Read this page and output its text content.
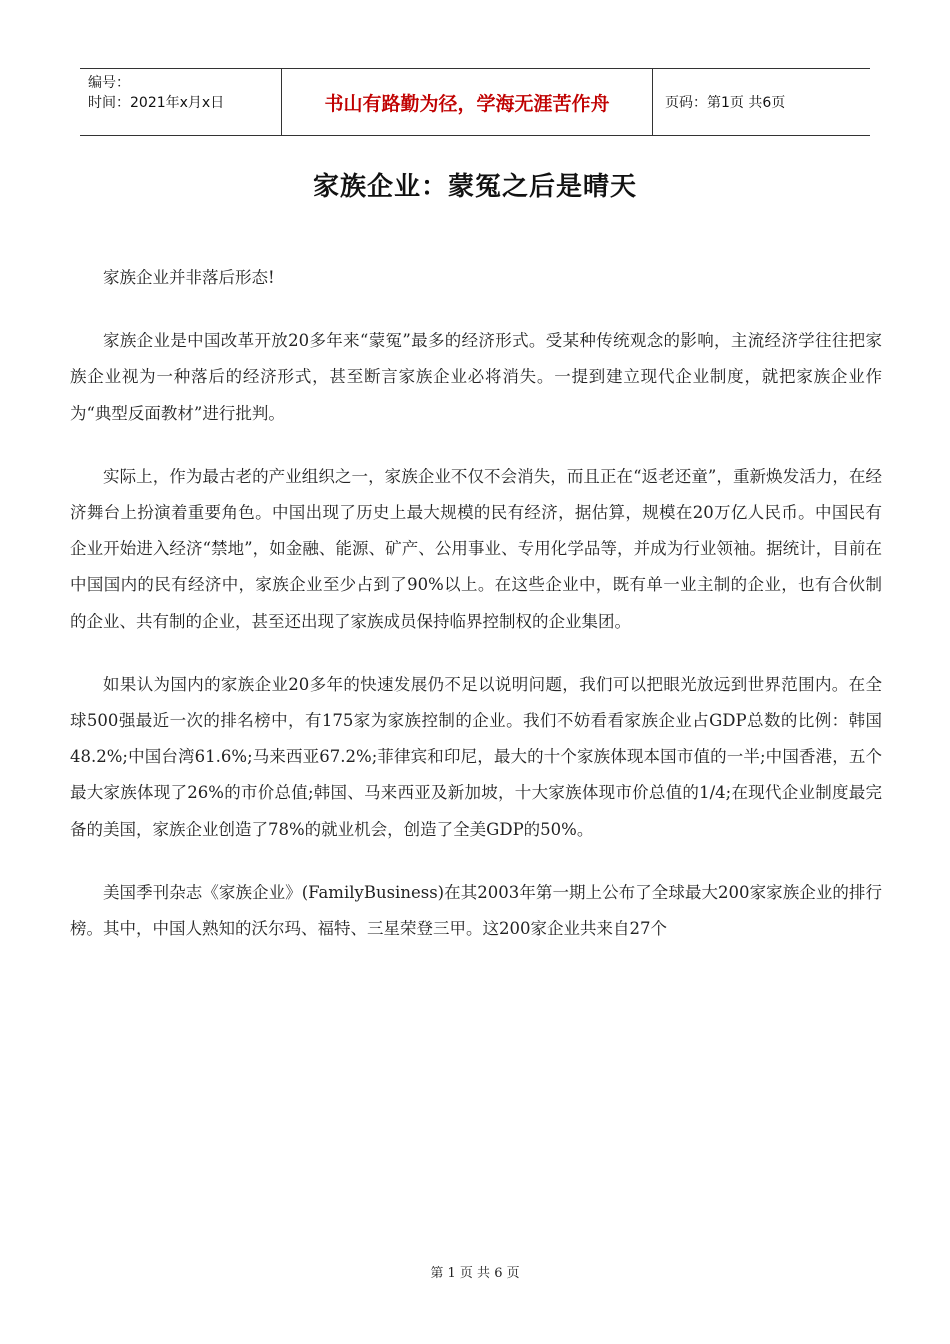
编号：
时间：2021年x月x日	书山有路勤为径，学海无涯苦作舟	页码：第1页 共6页
家族企业：蒙冤之后是晴天

家族企业并非落后形态!

家族企业是中国改革开放20多年来“蒙冤”最多的经济形式。受某种传统观念的影响，主流经济学往往把家族企业视为一种落后的经济形式，甚至断言家族企业必将消失。一提到建立现代企业制度，就把家族企业作为“典型反面教材”进行批判。

实际上，作为最古老的产业组织之一，家族企业不仅不会消失，而且正在“返老还童”，重新焕发活力，在经济舞台上扮演着重要角色。中国出现了历史上最大规模的民有经济，据估算，规模在20万亿人民币。中国民有企业开始进入经济“禁地”，如金融、能源、矿产、公用事业、专用化学品等，并成为行业领袖。据统计，目前在中国国内的民有经济中，家族企业至少占到了90%以上。在这些企业中，既有单一业主制的企业，也有合伙制的企业、共有制的企业，甚至还出现了家族成员保持临界控制权的企业集团。

如果认为国内的家族企业20多年的快速发展仍不足以说明问题，我们可以把眼光放远到世界范围内。在全球500强最近一次的排名榜中，有175家为家族控制的企业。我们不妨看看家族企业占GDP总数的比例：韩国48.2%;中国台湾61.6%;马来西亚67.2%;菲律宾和印尼，最大的十个家族体现本国市值的一半;中国香港，五个最大家族体现了26%的市价总值;韩国、马来西亚及新加坡，十大家族体现市价总值的1/4;在现代企业制度最完备的美国，家族企业创造了78%的就业机会，创造了全美GDP的50%。

美国季刊杂志《家族企业》(FamilyBusiness)在其2003年第一期上公布了全球最大200家家族企业的排行榜。其中，中国人熟知的沃尔玛、福特、三星荣登三甲。这200家企业共来自27个

第 1 页 共 6 页
